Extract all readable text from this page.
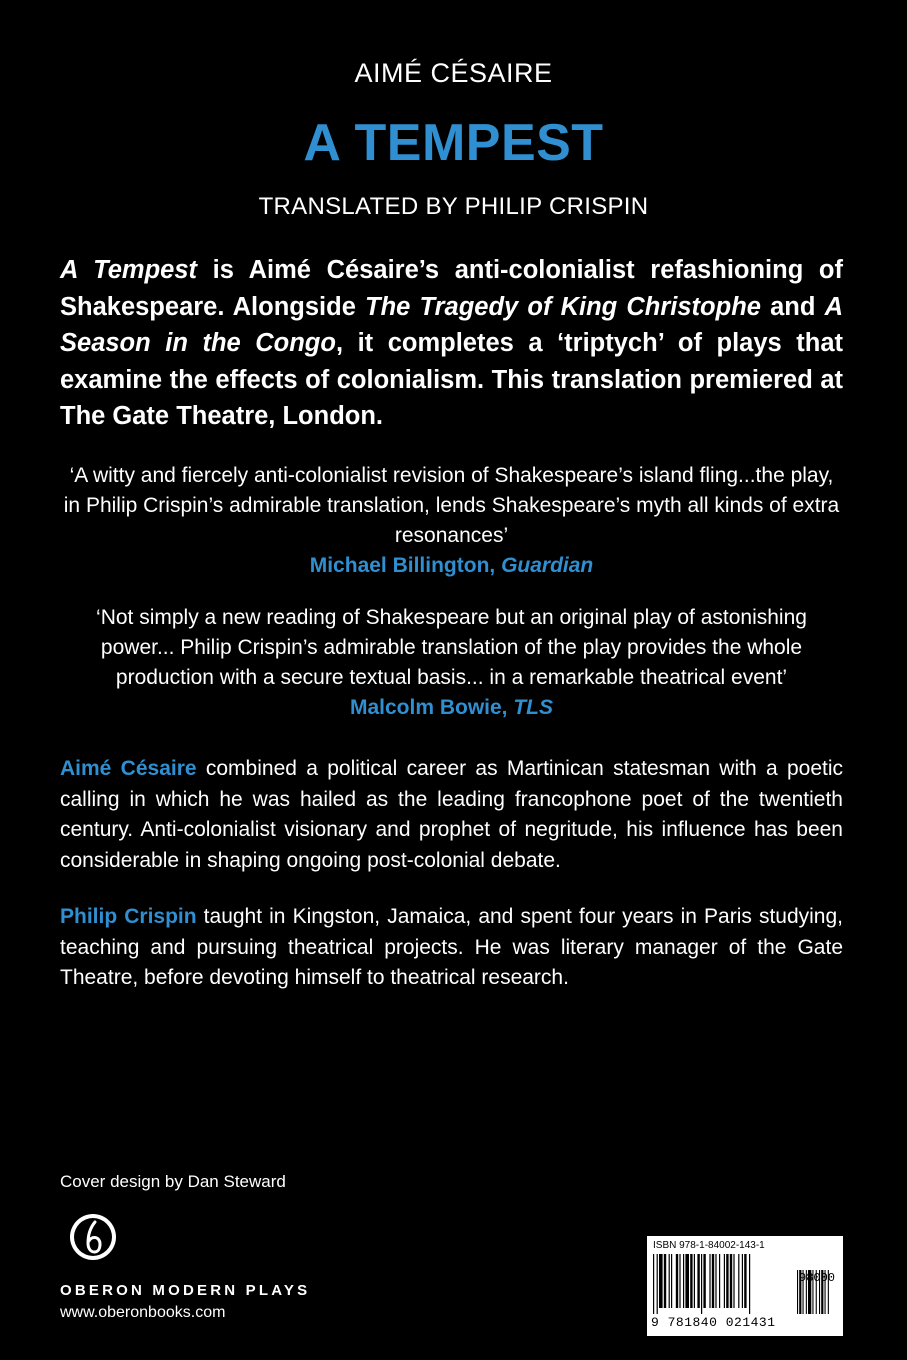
AIMÉ CÉSAIRE
A TEMPEST
TRANSLATED BY PHILIP CRISPIN
A Tempest is Aimé Césaire’s anti-colonialist refashioning of Shakespeare. Alongside The Tragedy of King Christophe and A Season in the Congo, it completes a ‘triptych’ of plays that examine the effects of colonialism. This translation premiered at The Gate Theatre, London.
‘A witty and fiercely anti-colonialist revision of Shakespeare’s island fling...the play, in Philip Crispin’s admirable translation, lends Shakespeare’s myth all kinds of extra resonances’
Michael Billington, Guardian
‘Not simply a new reading of Shakespeare but an original play of astonishing power... Philip Crispin’s admirable translation of the play provides the whole production with a secure textual basis... in a remarkable theatrical event’
Malcolm Bowie, TLS
Aimé Césaire combined a political career as Martinican statesman with a poetic calling in which he was hailed as the leading francophone poet of the twentieth century. Anti-colonialist visionary and prophet of negritude, his influence has been considerable in shaping ongoing post-colonial debate.
Philip Crispin taught in Kingston, Jamaica, and spent four years in Paris studying, teaching and pursuing theatrical projects. He was literary manager of the Gate Theatre, before devoting himself to theatrical research.
Cover design by Dan Steward
OBERON MODERN PLAYS
www.oberonbooks.com
ISBN 978-1-84002-143-1
98000
9 781840 021431
